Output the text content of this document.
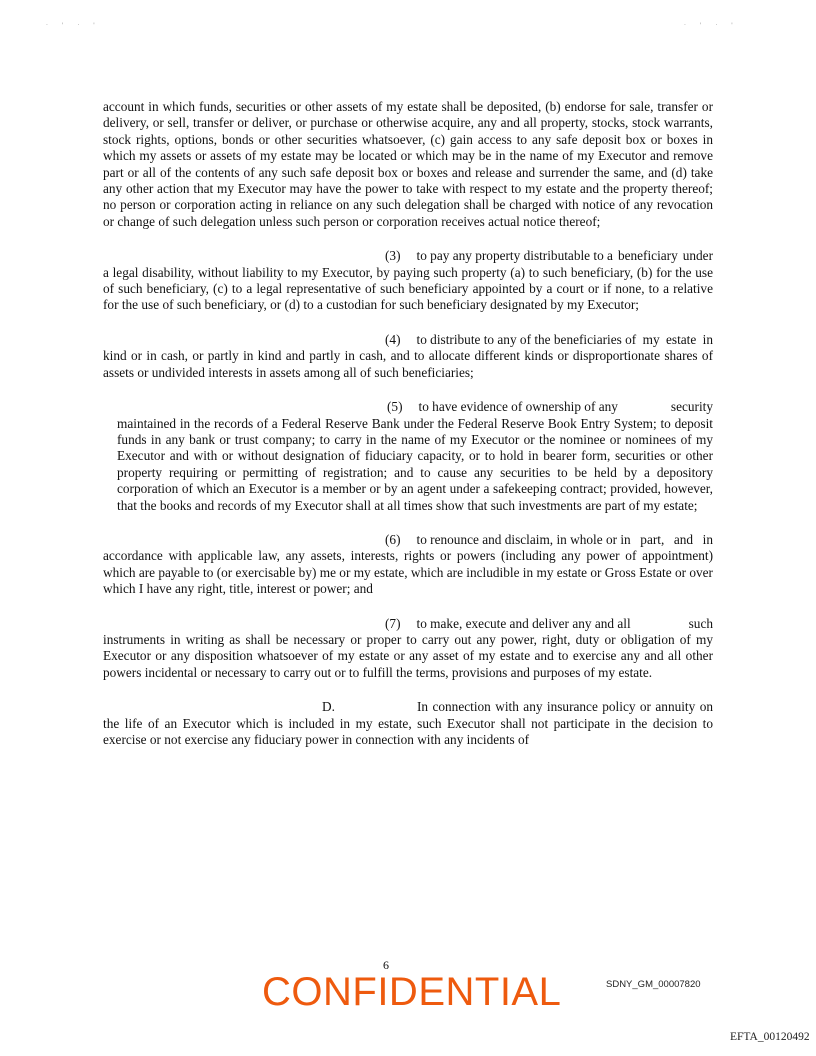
· ' · '	· ' · '

account in which funds, securities or other assets of my estate shall be deposited, (b) endorse for sale, transfer or delivery, or sell, transfer or deliver, or purchase or otherwise acquire, any and all property, stocks, stock warrants, stock rights, options, bonds or other securities whatsoever, (c) gain access to any safe deposit box or boxes in which my assets or assets of my estate may be located or which may be in the name of my Executor and remove part or all of the contents of any such safe deposit box or boxes and release and surrender the same, and (d) take any other action that my Executor may have the power to take with respect to my estate and the property thereof; no person or corporation acting in reliance on any such delegation shall be charged with notice of any revocation or change of such delegation unless such person or corporation receives actual notice thereof;

(3) to pay any property distributable to a beneficiary under a legal disability, without liability to my Executor, by paying such property (a) to such beneficiary, (b) for the use of such beneficiary, (c) to a legal representative of such beneficiary appointed by a court or if none, to a relative for the use of such beneficiary, or (d) to a custodian for such beneficiary designated by my Executor;

(4) to distribute to any of the beneficiaries of my estate in kind or in cash, or partly in kind and partly in cash, and to allocate different kinds or disproportionate shares of assets or undivided interests in assets among all of such beneficiaries;

(5) to have evidence of ownership of any	security maintained in the records of a Federal Reserve Bank under the Federal Reserve Book Entry System; to deposit funds in any bank or trust company; to carry in the name of my Executor or the nominee or nominees of my Executor and with or without designation of fiduciary capacity, or to hold in bearer form, securities or other property requiring or permitting of registration; and to cause any securities to be held by a depository corporation of which an Executor is a member or by an agent under a safekeeping contract; provided, however, that the books and records of my Executor shall at all times show that such investments are part of my estate;

(6) to renounce and disclaim, in whole or in part, and in accordance with applicable law, any assets, interests, rights or powers (including any power of appointment) which are payable to (or exercisable by) me or my estate, which are includible in my estate or Gross Estate or over which I have any right, title, interest or power; and

(7) to make, execute and deliver any and all	such instruments in writing as shall be necessary or proper to carry out any power, right, duty or obligation of my Executor or any disposition whatsoever of my estate or any asset of my estate and to exercise any and all other powers incidental or necessary to carry out or to fulfill the terms, provisions and purposes of my estate.

D.	In connection with any insurance policy or annuity on the life of an Executor which is included in my estate, such Executor shall not participate in the decision to exercise or not exercise any fiduciary power in connection with any incidents of

6
CONFIDENTIAL	SDNY_GM_00007820
EFTA_00120492
